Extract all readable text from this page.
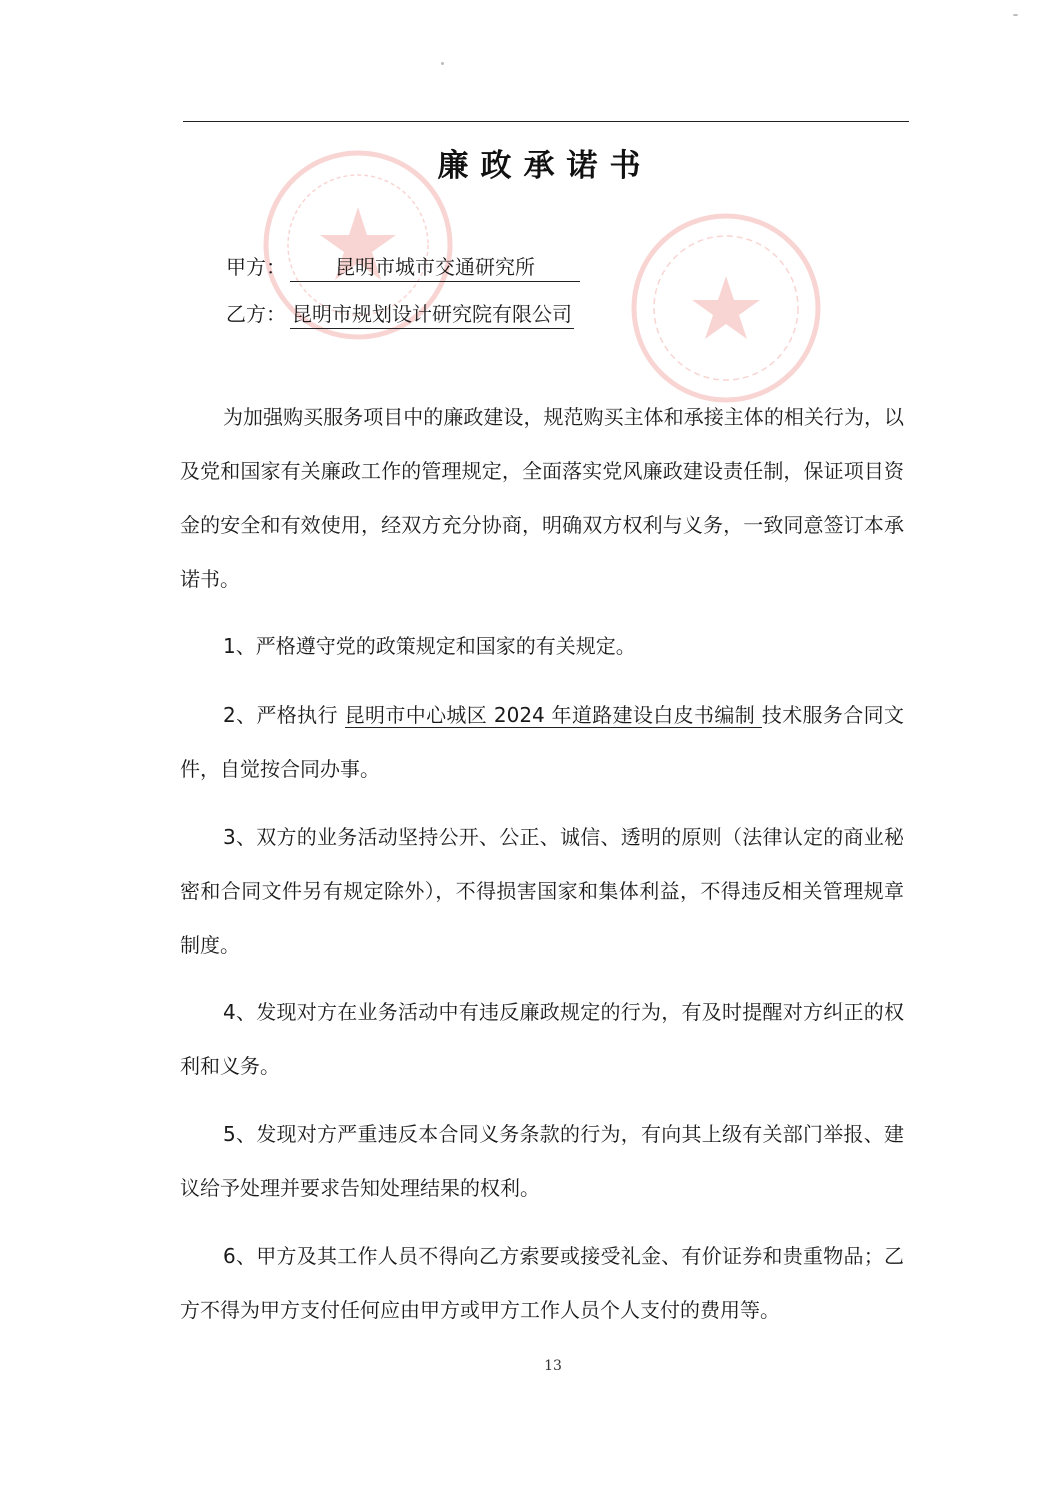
廉政承诺书
甲方： 昆明市城市交通研究所
乙方： 昆明市规划设计研究院有限公司

为加强购买服务项目中的廉政建设，规范购买主体和承接主体的相关行为，以及党和国家有关廉政工作的管理规定，全面落实党风廉政建设责任制，保证项目资金的安全和有效使用，经双方充分协商，明确双方权利与义务，一致同意签订本承诺书。

1、严格遵守党的政策规定和国家的有关规定。

2、严格执行 昆明市中心城区 2024 年道路建设白皮书编制 技术服务合同文件，自觉按合同办事。

3、双方的业务活动坚持公开、公正、诚信、透明的原则（法律认定的商业秘密和合同文件另有规定除外），不得损害国家和集体利益，不得违反相关管理规章制度。

4、发现对方在业务活动中有违反廉政规定的行为，有及时提醒对方纠正的权利和义务。

5、发现对方严重违反本合同义务条款的行为，有向其上级有关部门举报、建议给予处理并要求告知处理结果的权利。

6、甲方及其工作人员不得向乙方索要或接受礼金、有价证券和贵重物品；乙方不得为甲方支付任何应由甲方或甲方工作人员个人支付的费用等。

13
